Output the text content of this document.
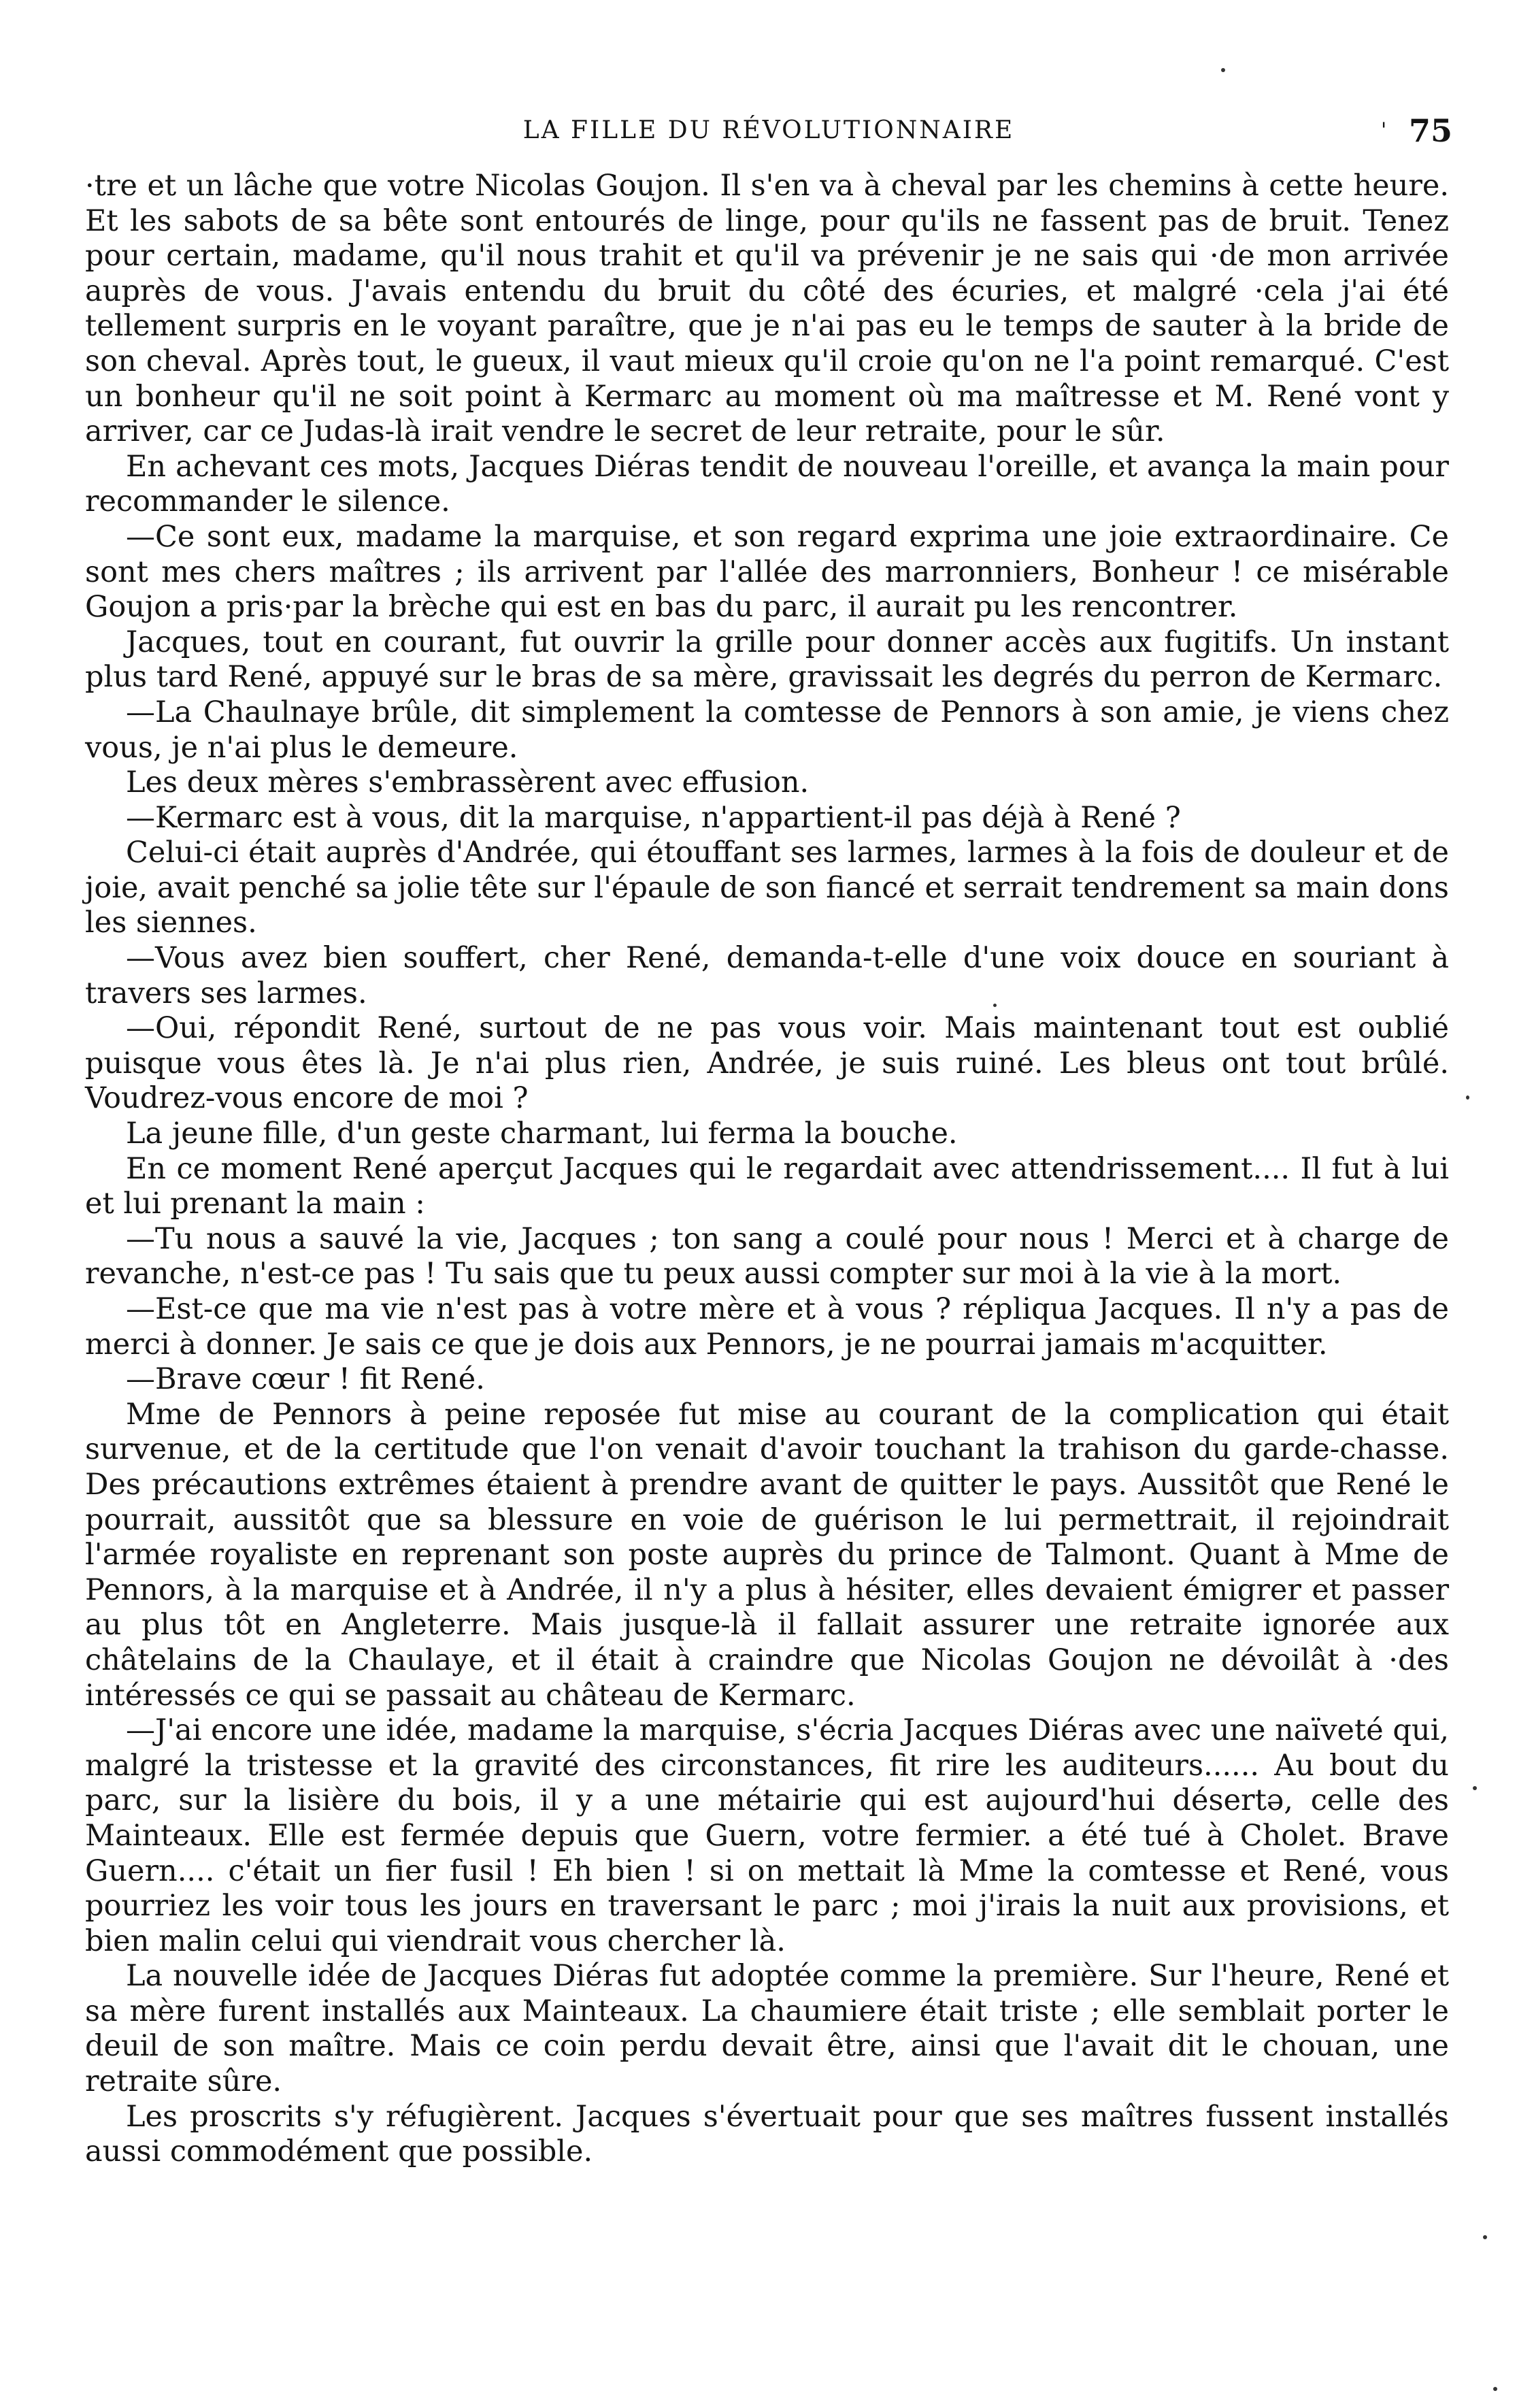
LA FILLE DU RÉVOLUTIONNAIRE	' 75

·tre et un lâche que votre Nicolas Goujon. Il s'en va à cheval par les chemins à cette heure. Et les sabots de sa bête sont entourés de linge, pour qu'ils ne fassent pas de bruit. Tenez pour certain, madame, qu'il nous trahit et qu'il va prévenir je ne sais qui ·de mon arrivée auprès de vous. J'avais entendu du bruit du côté des écuries, et malgré ·cela j'ai été tellement surpris en le voyant paraître, que je n'ai pas eu le temps de sauter à la bride de son cheval. Après tout, le gueux, il vaut mieux qu'il croie qu'on ne l'a point remarqué. C'est un bonheur qu'il ne soit point à Kermarc au moment où ma maîtresse et M. René vont y arriver, car ce Judas-là irait vendre le secret de leur retraite, pour le sûr.

En achevant ces mots, Jacques Diéras tendit de nouveau l'oreille, et avança la main pour recommander le silence.

—Ce sont eux, madame la marquise, et son regard exprima une joie extraordinaire. Ce sont mes chers maîtres ; ils arrivent par l'allée des marronniers, Bonheur ! ce misérable Goujon a pris·par la brèche qui est en bas du parc, il aurait pu les rencontrer.

Jacques, tout en courant, fut ouvrir la grille pour donner accès aux fugitifs. Un instant plus tard René, appuyé sur le bras de sa mère, gravissait les degrés du perron de Kermarc.

—La Chaulnaye brûle, dit simplement la comtesse de Pennors à son amie, je viens chez vous, je n'ai plus le demeure.

Les deux mères s'embrassèrent avec effusion.

—Kermarc est à vous, dit la marquise, n'appartient-il pas déjà à René ?

Celui-ci était auprès d'Andrée, qui étouffant ses larmes, larmes à la fois de douleur et de joie, avait penché sa jolie tête sur l'épaule de son fiancé et serrait tendrement sa main dons les siennes.

—Vous avez bien souffert, cher René, demanda-t-elle d'une voix douce en souriant à travers ses larmes.

—Oui, répondit René, surtout de ne pas vous voir. Mais maintenant tout est oublié puisque vous êtes là. Je n'ai plus rien, Andrée, je suis ruiné. Les bleus ont tout brûlé. Voudrez-vous encore de moi ?

La jeune fille, d'un geste charmant, lui ferma la bouche.

En ce moment René aperçut Jacques qui le regardait avec attendrissement.... Il fut à lui et lui prenant la main :

—Tu nous a sauvé la vie, Jacques ; ton sang a coulé pour nous ! Merci et à charge de revanche, n'est-ce pas ! Tu sais que tu peux aussi compter sur moi à la vie à la mort.

—Est-ce que ma vie n'est pas à votre mère et à vous ? répliqua Jacques. Il n'y a pas de merci à donner. Je sais ce que je dois aux Pennors, je ne pourrai jamais m'acquitter.

—Brave cœur ! fit René.

Mme de Pennors à peine reposée fut mise au courant de la complication qui était survenue, et de la certitude que l'on venait d'avoir touchant la trahison du garde-chasse. Des précautions extrêmes étaient à prendre avant de quitter le pays. Aussitôt que René le pourrait, aussitôt que sa blessure en voie de guérison le lui permettrait, il rejoindrait l'armée royaliste en reprenant son poste auprès du prince de Talmont. Quant à Mme de Pennors, à la marquise et à Andrée, il n'y a plus à hésiter, elles devaient émigrer et passer au plus tôt en Angleterre. Mais jusque-là il fallait assurer une retraite ignorée aux châtelains de la Chaulaye, et il était à craindre que Nicolas Goujon ne dévoilât à ·des intéressés ce qui se passait au château de Kermarc.

—J'ai encore une idée, madame la marquise, s'écria Jacques Diéras avec une naïveté qui, malgré la tristesse et la gravité des circonstances, fit rire les auditeurs...... Au bout du parc, sur la lisière du bois, il y a une métairie qui est aujourd'hui désertə, celle des Mainteaux. Elle est fermée depuis que Guern, votre fermier. a été tué à Cholet. Brave Guern.... c'était un fier fusil ! Eh bien ! si on mettait là Mme la comtesse et René, vous pourriez les voir tous les jours en traversant le parc ; moi j'irais la nuit aux provisions, et bien malin celui qui viendrait vous chercher là.

La nouvelle idée de Jacques Diéras fut adoptée comme la première. Sur l'heure, René et sa mère furent installés aux Mainteaux. La chaumiere était triste ; elle semblait porter le deuil de son maître. Mais ce coin perdu devait être, ainsi que l'avait dit le chouan, une retraite sûre.

Les proscrits s'y réfugièrent. Jacques s'évertuait pour que ses maîtres fussent installés aussi commodément que possible.
